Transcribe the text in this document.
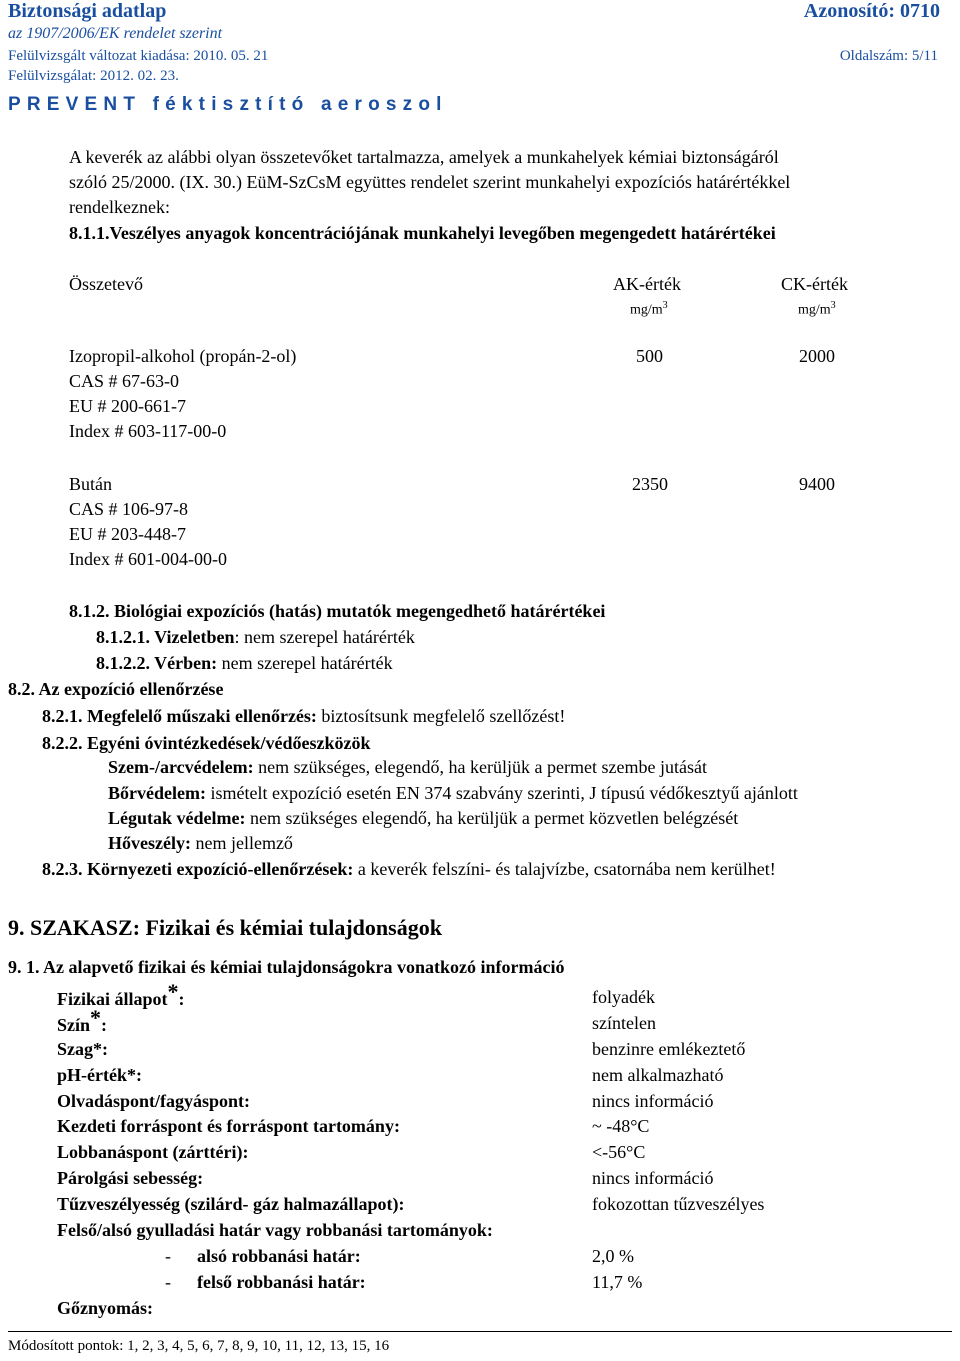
Biztonsági adatlap	Azonosító: 0710
az 1907/2006/EK rendelet szerint
Felülvizsgált változat kiadása: 2010. 05. 21	Oldalszám: 5/11
Felülvizsgálat: 2012. 02. 23.
PREVENT féktisztító aeroszol
A keverék az alábbi olyan összetevőket tartalmazza, amelyek a munkahelyek kémiai biztonságáról
szóló 25/2000. (IX. 30.) EüM-SzCsM együttes rendelet szerint munkahelyi expozíciós határértékkel
rendelkeznek:
8.1.1.Veszélyes anyagok koncentrációjának munkahelyi levegőben megengedett határértékei
Összetevő	AK-érték	CK-érték
$mg/m^3$	$mg/m^3$
Izopropil-alkohol (propán-2-ol)
CAS # 67-63-0
EU # 200-661-7
Index # 603-117-00-0
500	2000
Bután
CAS # 106-97-8
EU # 203-448-7
Index # 601-004-00-0
2350	9400
8.1.2. Biológiai expozíciós (hatás) mutatók megengedhető határértékei
8.1.2.1. Vizeletben: nem szerepel határérték
8.1.2.2. Vérben: nem szerepel határérték
8.2. Az expozíció ellenőrzése
8.2.1. Megfelelő műszaki ellenőrzés: biztosítsunk megfelelő szellőzést!
8.2.2. Egyéni óvintézkedések/védőeszközök
Szem-/arcvédelem: nem szükséges, elegendő, ha kerüljük a permet szembe jutását
Bőrvédelem: ismételt expozíció esetén EN 374 szabvány szerinti, J típusú védőkesztyű ajánlott
Légutak védelme: nem szükséges elegendő, ha kerüljük a permet közvetlen belégzését
Hőveszély: nem jellemző
8.2.3. Környezeti expozíció-ellenőrzések: a keverék felszíni- és talajvízbe, csatornába nem kerülhet!
9. SZAKASZ: Fizikai és kémiai tulajdonságok
9. 1. Az alapvető fizikai és kémiai tulajdonságokra vonatkozó információ
Fizikai állapot*:	folyadék
Szín*:	színtelen
Szag*:	benzinre emlékeztető
pH-érték*:	nem alkalmazható
Olvadáspont/fagyáspont:	nincs információ
Kezdeti forráspont és forráspont tartomány:	~ -48°C
Lobbanáspont (zárttéri):	<-56°C
Párolgási sebesség:	nincs információ
Tűzveszélyesség (szilárd- gáz halmazállapot):	fokozottan tűzveszélyes
Felső/alsó gyulladási határ vagy robbanási tartományok:
- alsó robbanási határ:	2,0 %
- felső robbanási határ:	11,7 %
Gőznyomás:
Módosított pontok: 1, 2, 3, 4, 5, 6, 7, 8, 9, 10, 11, 12, 13, 15, 16
